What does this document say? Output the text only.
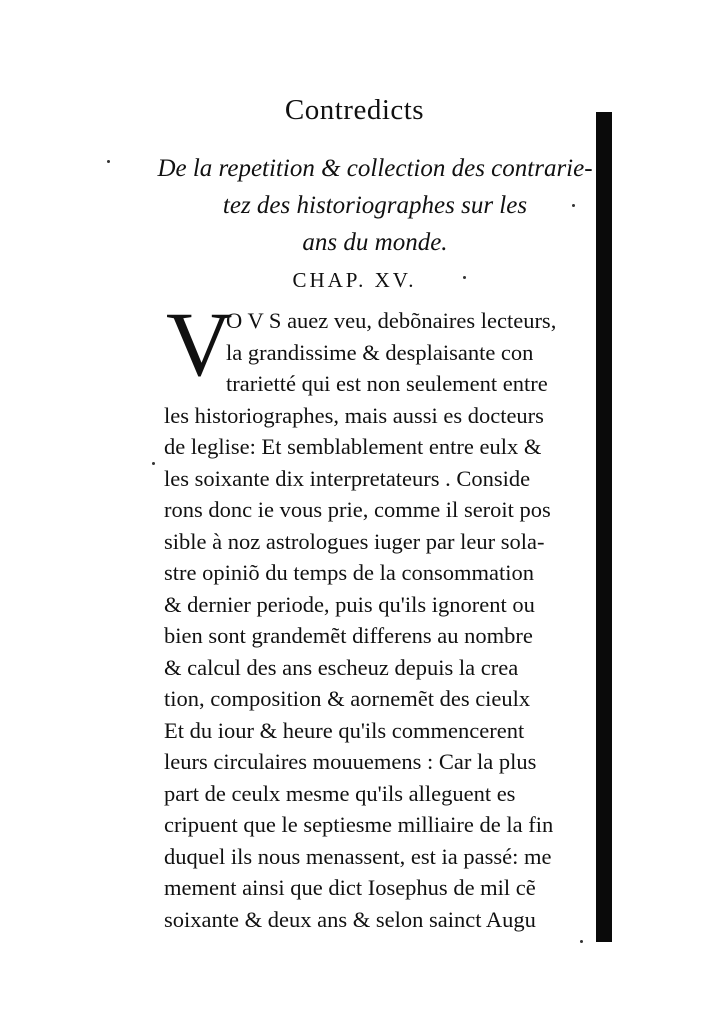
Contredicts
De la repetition & collection des contrarie-
tez des historiographes sur les
ans du monde.
CHAP. XV.
V
O V S auez veu, debõnaires lecteurs,
la grandissime & desplaisante con
trarietté qui est non seulement entre
les historiographes, mais aussi es docteurs
de leglise: Et semblablement entre eulx &
les soixante dix interpretateurs . Conside
rons donc ie vous prie, comme il seroit pos
sible à noz astrologues iuger par leur sola-
stre opiniõ du temps de la consommation
& dernier periode, puis qu'ils ignorent ou
bien sont grandemẽt differens au nombre
& calcul des ans escheuz depuis la crea
tion, composition & aornemẽt des cieulx
Et du iour & heure qu'ils commencerent
leurs circulaires mouuemens : Car la plus
part de ceulx mesme qu'ils alleguent es
cripuent que le septiesme milliaire de la fin
duquel ils nous menassent, est ia passé: me
mement ainsi que dict Iosephus de mil cẽ
soixante & deux ans & selon sainct Augu
